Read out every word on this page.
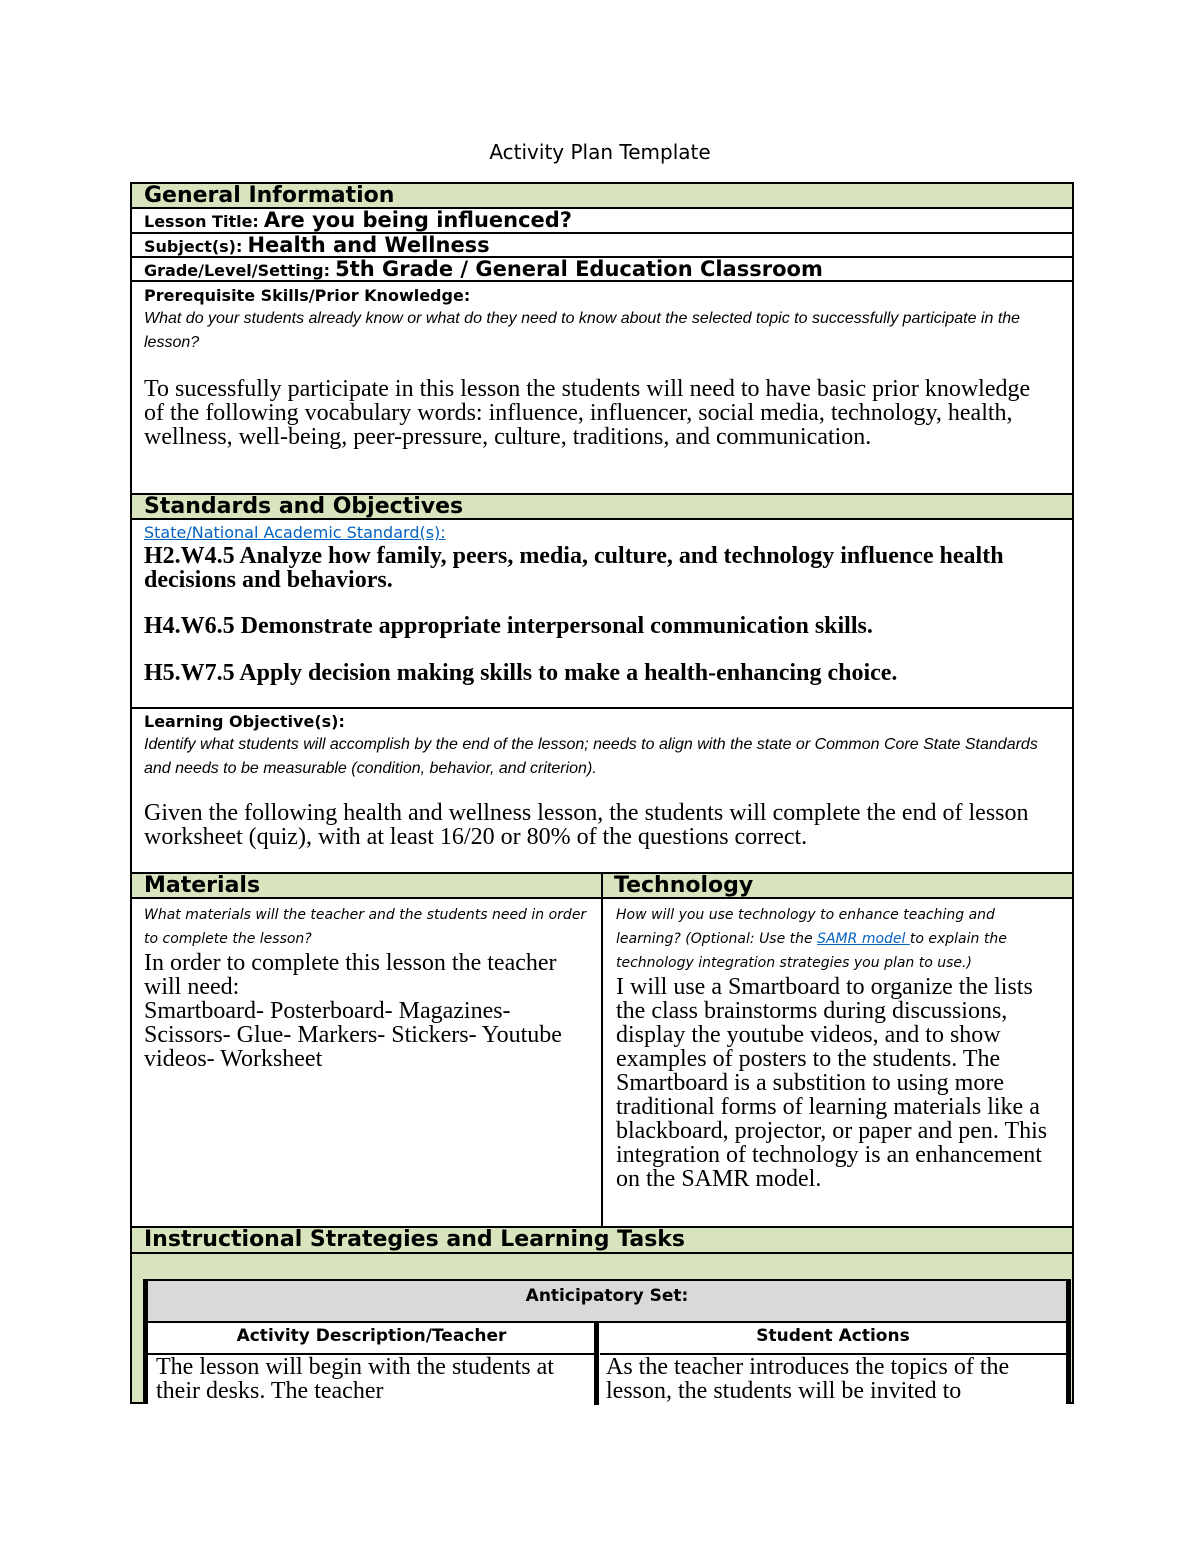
Activity Plan Template
General Information
Lesson Title: Are you being influenced?
Subject(s): Health and Wellness
Grade/Level/Setting: 5th Grade / General Education Classroom
Prerequisite Skills/Prior Knowledge:
What do your students already know or what do they need to know about the selected topic to successfully participate in the lesson?
To sucessfully participate in this lesson the students will need to have basic prior knowledge of the following vocabulary words: influence, influencer, social media, technology, health, wellness, well-being, peer-pressure, culture, traditions, and communication.
Standards and Objectives
State/National Academic Standard(s):
H2.W4.5 Analyze how family, peers, media, culture, and technology influence health decisions and behaviors.
H4.W6.5 Demonstrate appropriate interpersonal communication skills.
H5.W7.5 Apply decision making skills to make a health-enhancing choice.
Learning Objective(s):
Identify what students will accomplish by the end of the lesson; needs to align with the state or Common Core State Standards and needs to be measurable (condition, behavior, and criterion).
Given the following health and wellness lesson, the students will complete the end of lesson worksheet (quiz), with at least 16/20 or 80% of the questions correct.
Materials	Technology
What materials will the teacher and the students need in order to complete the lesson?
In order to complete this lesson the teacher will need:
Smartboard- Posterboard- Magazines- Scissors- Glue- Markers- Stickers- Youtube videos- Worksheet
How will you use technology to enhance teaching and learning? (Optional: Use the SAMR model to explain the technology integration strategies you plan to use.)
I will use a Smartboard to organize the lists the class brainstorms during discussions, display the youtube videos, and to show examples of posters to the students. The Smartboard is a substition to using more traditional forms of learning materials like a blackboard, projector, or paper and pen. This integration of technology is an enhancement on the SAMR model.
Instructional Strategies and Learning Tasks
Anticipatory Set:
Activity Description/Teacher	Student Actions
The lesson will begin with the students at their desks. The teacher
As the teacher introduces the topics of the lesson, the students will be invited to
